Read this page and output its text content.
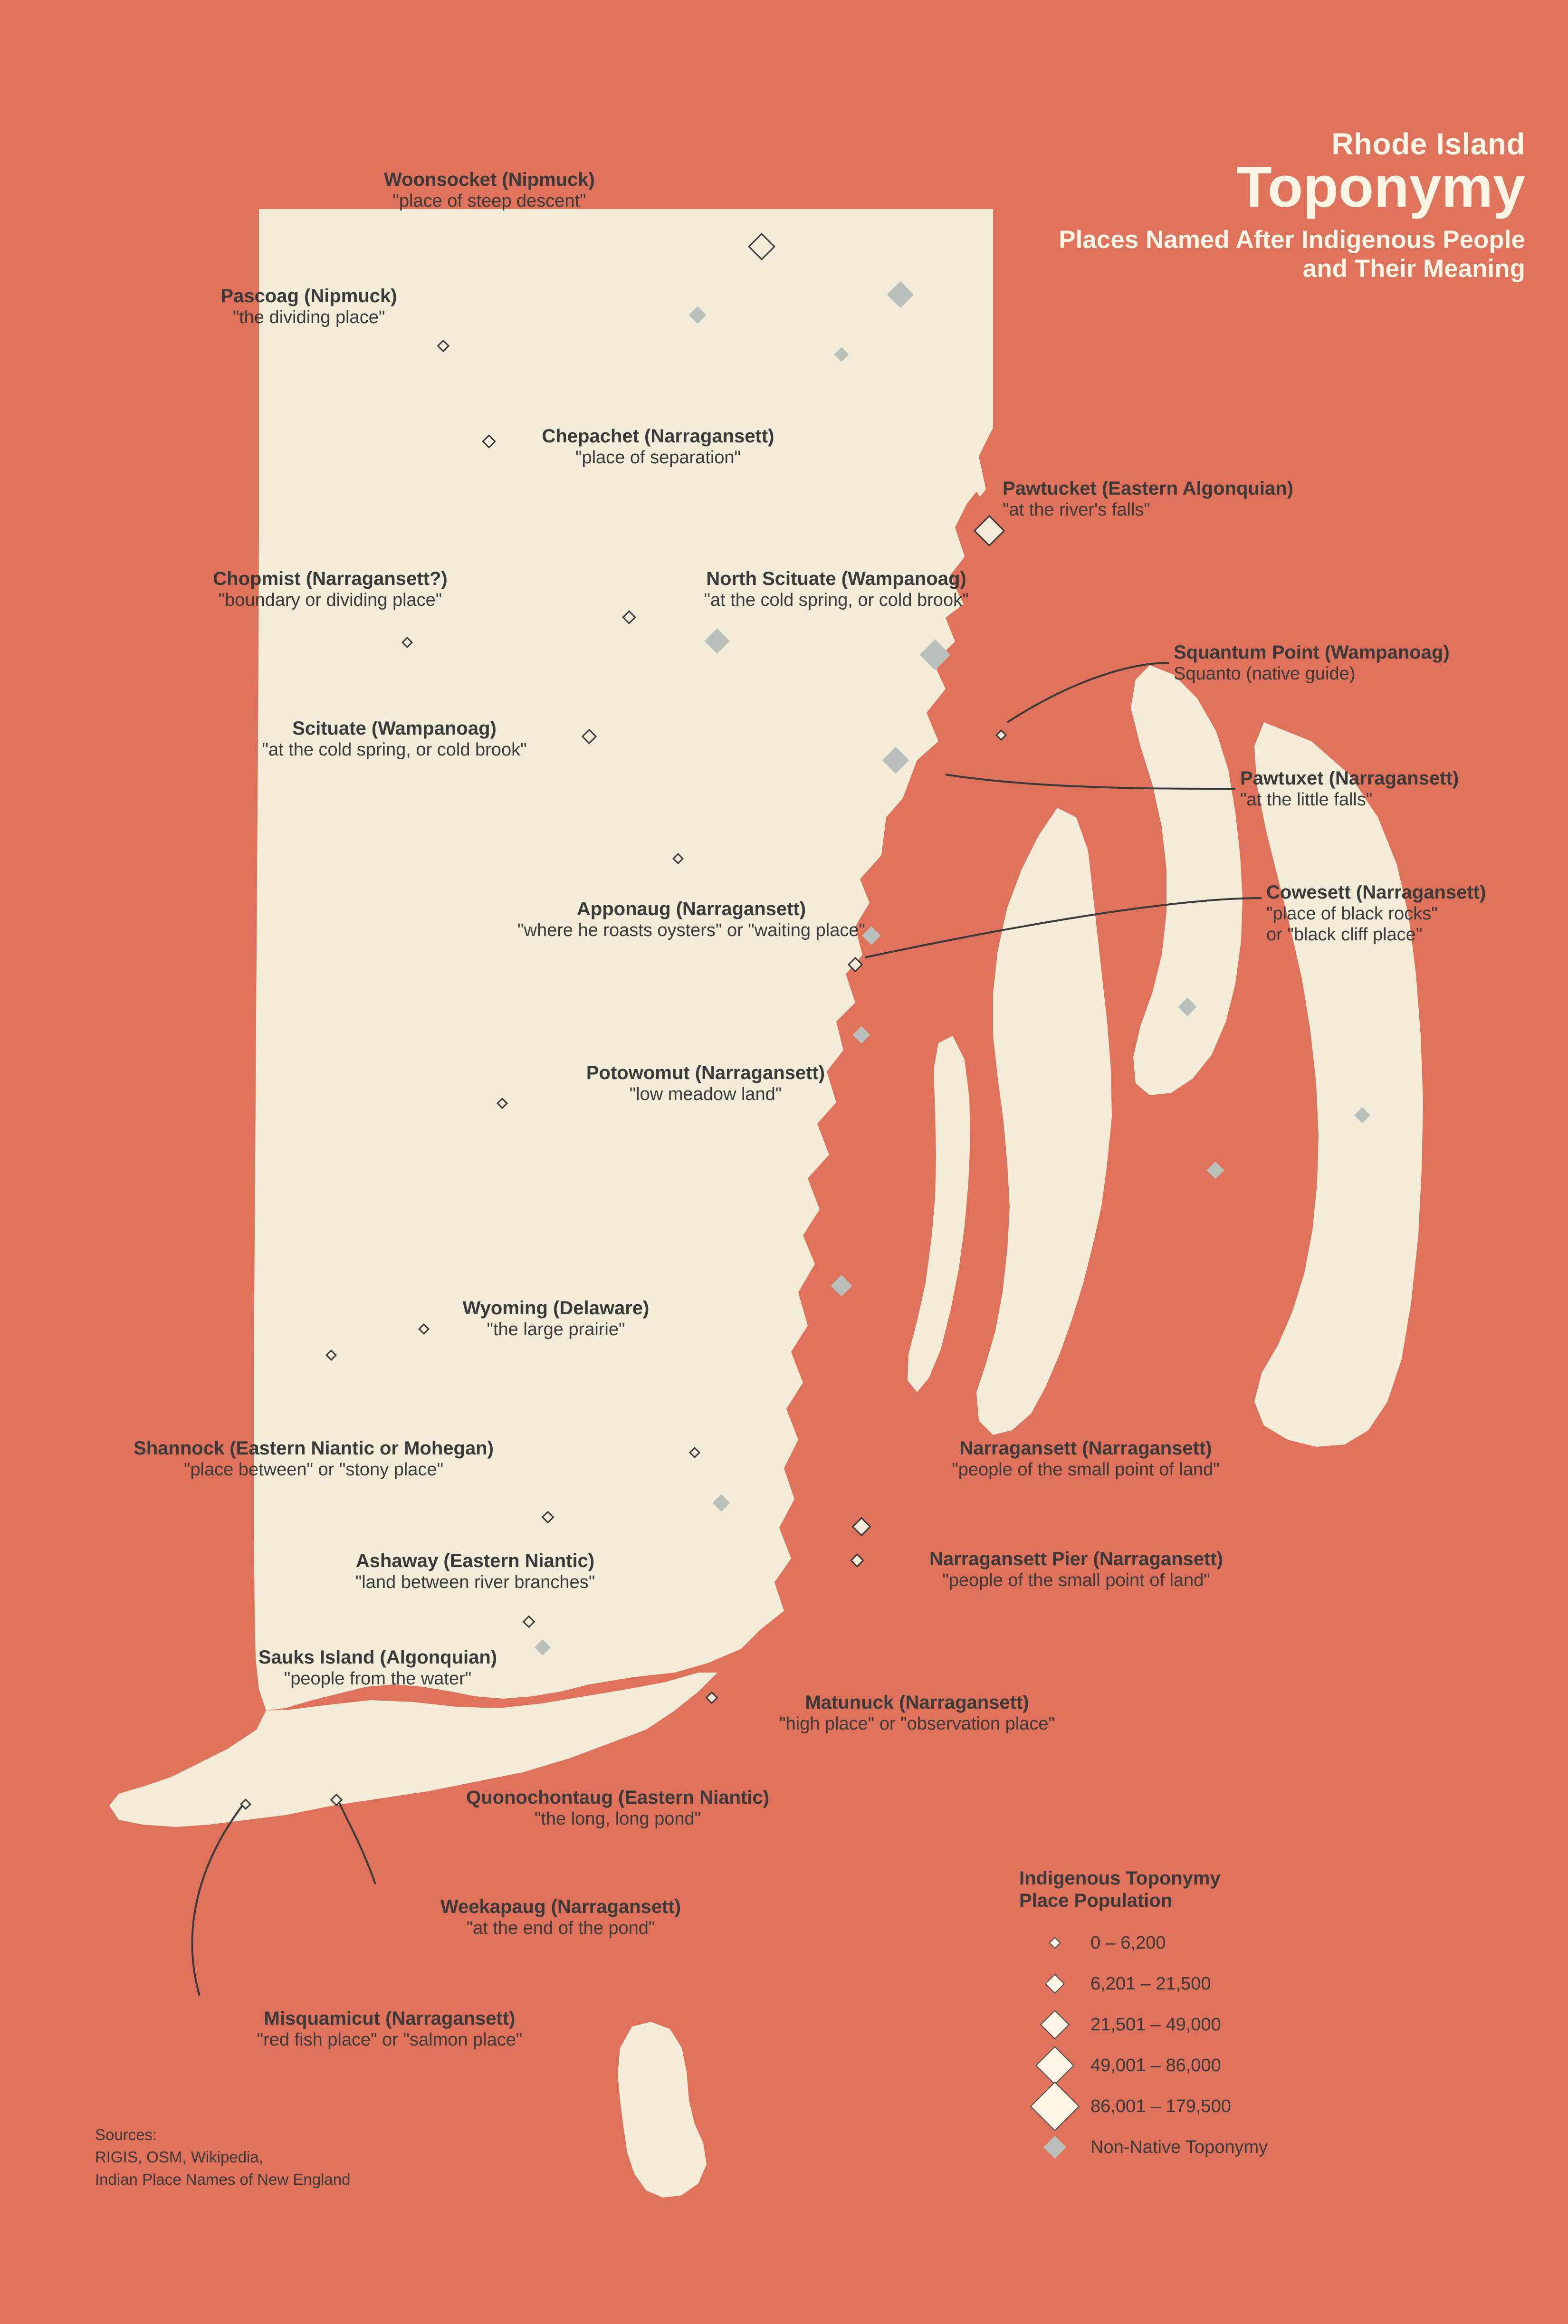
Rhode Island
Toponymy
Places Named After Indigenous People and Their Meaning
Woonsocket (Nipmuck)
"place of steep descent"
Pascoag (Nipmuck)
"the dividing place"
Chepachet (Narragansett)
"place of separation"
Pawtucket (Eastern Algonquian)
"at the river's falls"
Chopmist (Narragansett?)
"boundary or dividing place"
North Scituate (Wampanoag)
"at the cold spring, or cold brook"
Squantum Point (Wampanoag)
Squanto (native guide)
Scituate (Wampanoag)
"at the cold spring, or cold brook"
Pawtuxet (Narragansett)
"at the little falls"
Cowesett (Narragansett)
"place of black rocks"
or "black cliff place"
Apponaug (Narragansett)
"where he roasts oysters" or "waiting place"
Potowomut (Narragansett)
"low meadow land"
Wyoming (Delaware)
"the large prairie"
Shannock (Eastern Niantic or Mohegan)
"place between" or "stony place"
Narragansett (Narragansett)
"people of the small point of land"
Ashaway (Eastern Niantic)
"land between river branches"
Narragansett Pier (Narragansett)
"people of the small point of land"
Sauks Island (Algonquian)
"people from the water"
Matunuck (Narragansett)
"high place" or "observation place"
Quonochontaug (Eastern Niantic)
"the long, long pond"
Weekapaug (Narragansett)
"at the end of the pond"
Misquamicut (Narragansett)
"red fish place" or "salmon place"
Indigenous Toponymy
Place Population
0 – 6,200
6,201 – 21,500
21,501 – 49,000
49,001 – 86,000
86,001 – 179,500
Non-Native Toponymy
Sources:
RIGIS, OSM, Wikipedia,
Indian Place Names of New England
